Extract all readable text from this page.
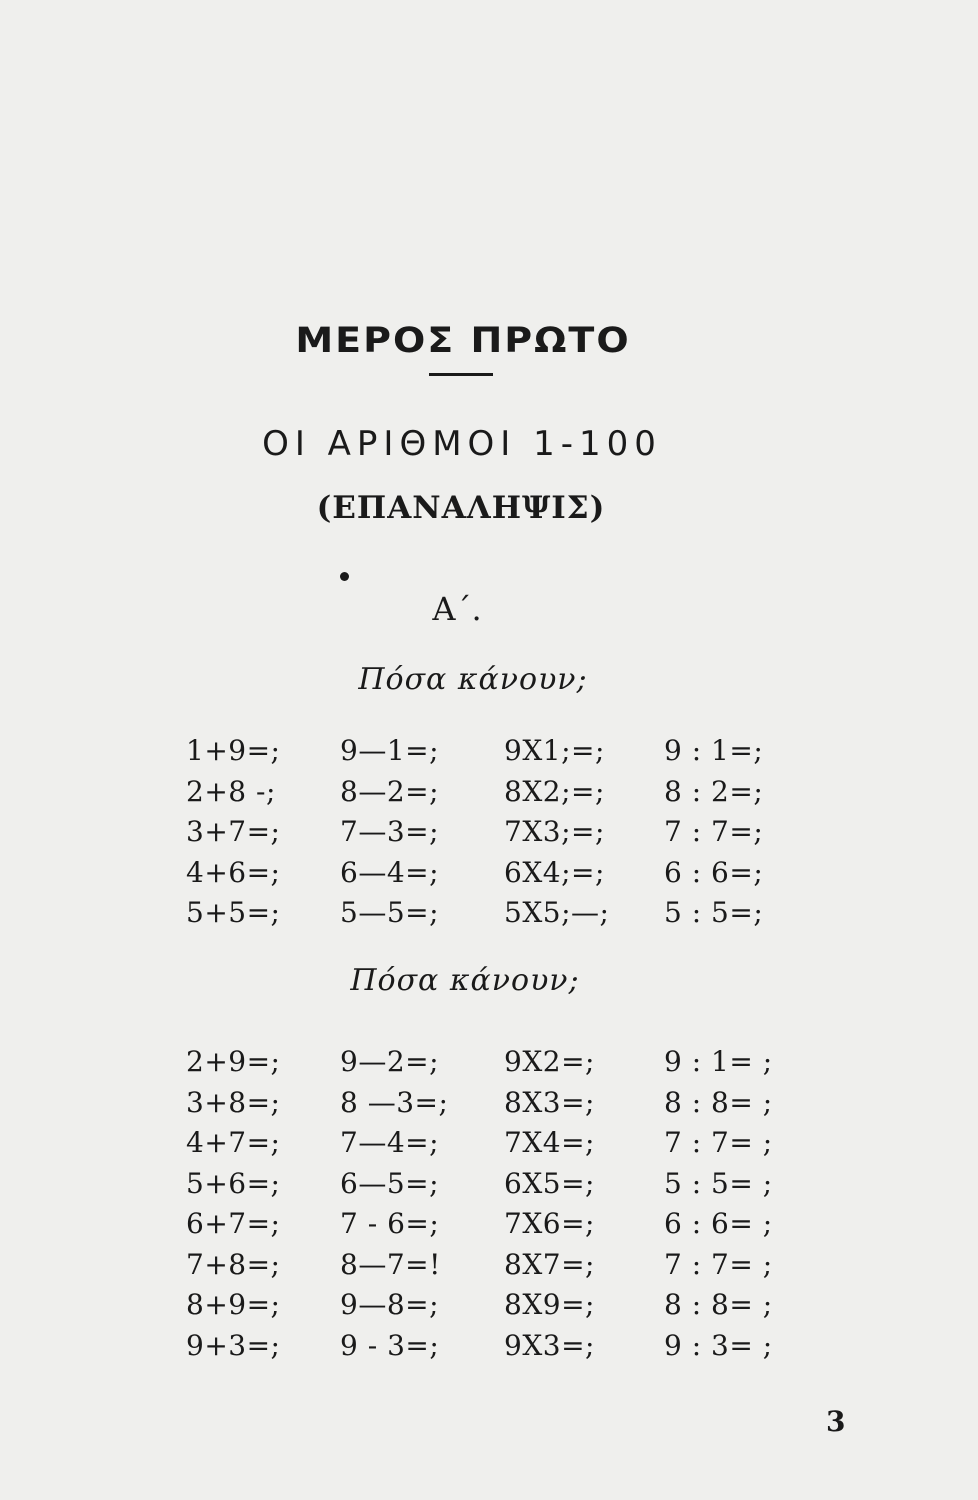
ΜΕΡΟΣ ΠΡΩΤΟ
ΟΙ ΑΡΙΘΜΟΙ 1-100
(ΕΠΑΝΑΛΗΨΙΣ)
Α΄.
Πόσα κάνουν;
1+9=; 9—1=; 9Χ1;=; 9 : 1=;
2+8 -; 8—2=; 8Χ2;=; 8 : 2=;
3+7=; 7—3=; 7Χ3;=; 7 : 7=;
4+6=; 6—4=; 6Χ4;=; 6 : 6=;
5+5=; 5—5=; 5Χ5;—; 5 : 5=;
Πόσα κάνουν;
2+9=; 9—2=; 9Χ2=; 9 : 1= ;
3+8=; 8 —3=; 8Χ3=; 8 : 8= ;
4+7=; 7—4=; 7Χ4=; 7 : 7= ;
5+6=; 6—5=; 6Χ5=; 5 : 5= ;
6+7=; 7 - 6=; 7Χ6=; 6 : 6= ;
7+8=; 8—7=! 8Χ7=; 7 : 7= ;
8+9=; 9—8=; 8Χ9=; 8 : 8= ;
9+3=; 9 - 3=; 9Χ3=; 9 : 3= ;
3
